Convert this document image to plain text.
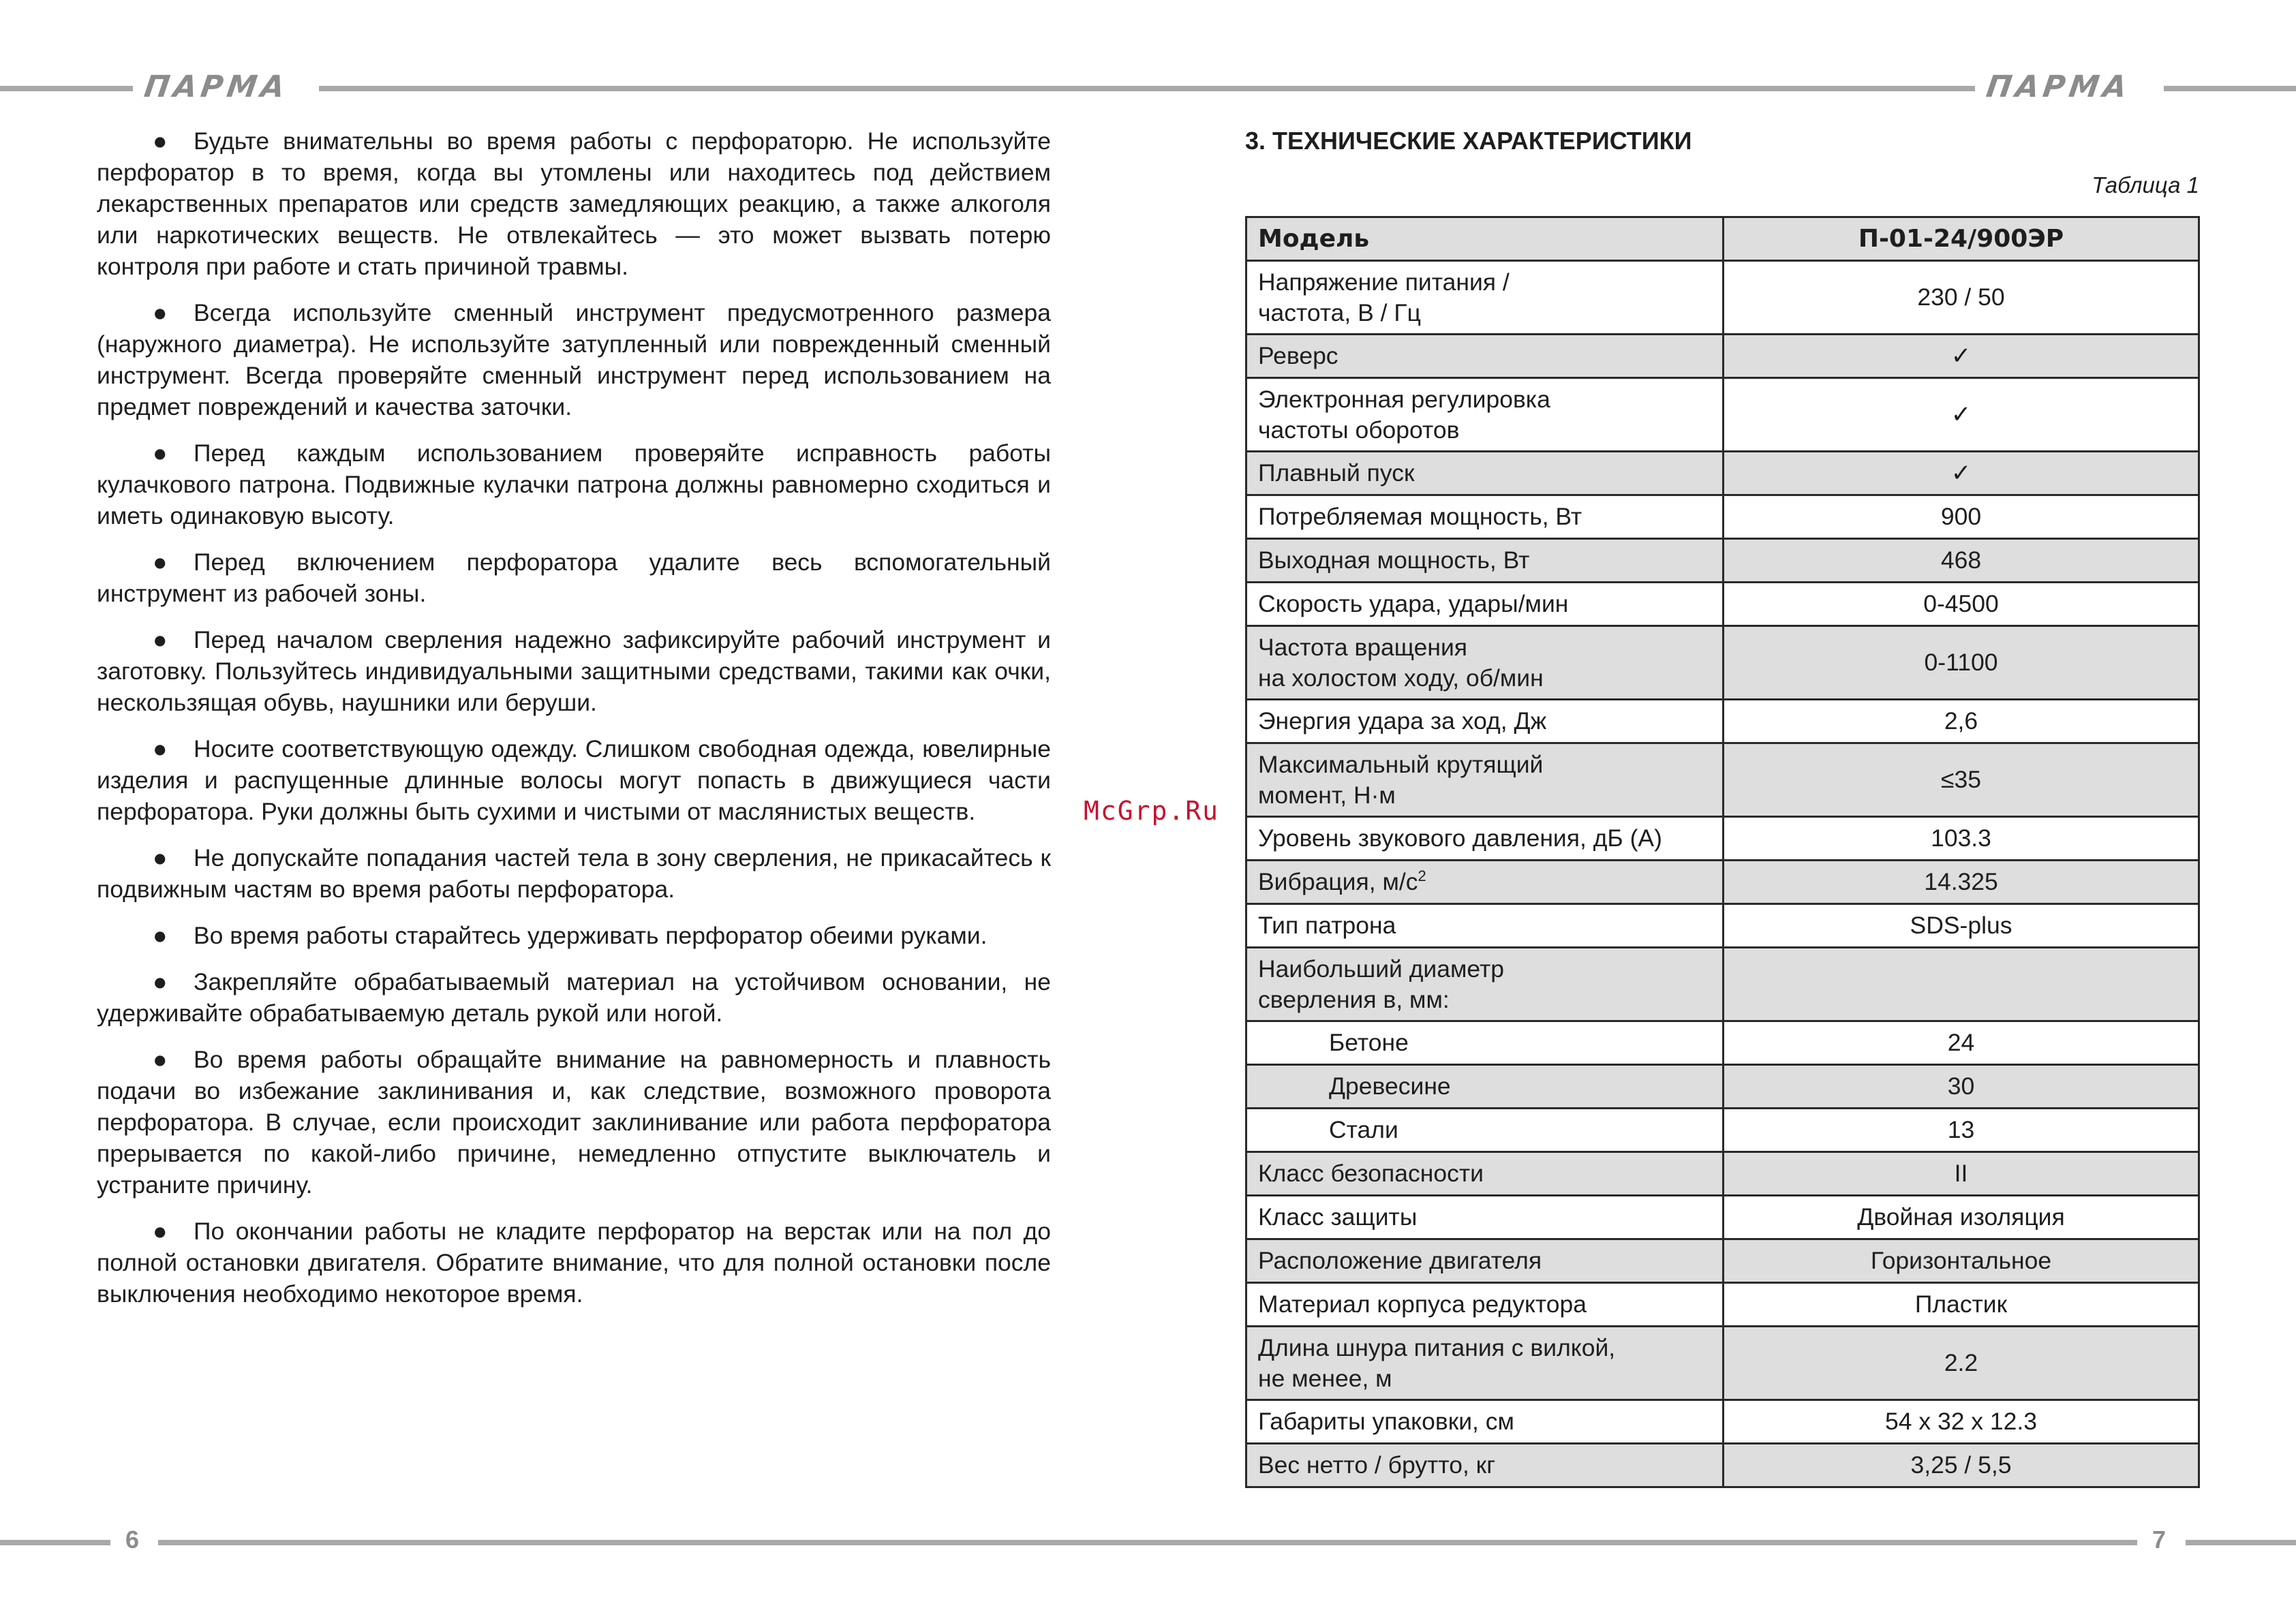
ПАРМА	ПАРМА

● Будьте внимательны во время работы с перфораторю. Не используйте перфоратор в то время, когда вы утомлены или находитесь под действием лекарственных препаратов или средств замедляющих реакцию, а также алкоголя или наркотических веществ. Не отвлекайтесь — это может вызвать потерю контроля при работе и стать причиной травмы.

● Всегда используйте сменный инструмент предусмотренного размера (наружного диаметра). Не используйте затупленный или поврежденный сменный инструмент. Всегда проверяйте сменный инструмент перед использованием на предмет повреждений и качества заточки.

● Перед каждым использованием проверяйте исправность работы кулачкового патрона. Подвижные кулачки патрона должны равномерно сходиться и иметь одинаковую высоту.

● Перед включением перфоратора удалите весь вспомогательный инструмент из рабочей зоны.

● Перед началом сверления надежно зафиксируйте рабочий инструмент и заготовку. Пользуйтесь индивидуальными защитными средствами, такими как очки, нескользящая обувь, наушники или беруши.

● Носите соответствующую одежду. Слишком свободная одежда, ювелирные изделия и распущенные длинные волосы могут попасть в движущиеся части перфоратора. Руки должны быть сухими и чистыми от маслянистых веществ.

● Не допускайте попадания частей тела в зону сверления, не прикасайтесь к подвижным частям во время работы перфоратора.

● Во время работы старайтесь удерживать перфоратор обеими руками.

● Закрепляйте обрабатываемый материал на устойчивом основании, не удерживайте обрабатываемую деталь рукой или ногой.

● Во время работы обращайте внимание на равномерность и плавность подачи во избежание заклинивания и, как следствие, возможного проворота перфоратора. В случае, если происходит заклинивание или работа перфоратора прерывается по какой-либо причине, немедленно отпустите выключатель и устраните причину.

● По окончании работы не кладите перфоратор на верстак или на пол до полной остановки двигателя. Обратите внимание, что для полной остановки после выключения необходимо некоторое время.

McGrp.Ru
3. ТЕХНИЧЕСКИЕ ХАРАКТЕРИСТИКИ
Таблица 1
Модель	П-01-24/900ЭР
Напряжение питания /
частота, В / Гц	230 / 50
Реверс	✓
Электронная регулировка
частоты оборотов	✓
Плавный пуск	✓
Потребляемая мощность, Вт	900
Выходная мощность, Вт	468
Скорость удара, удары/мин	0-4500
Частота вращения
на холостом ходу, об/мин	0-1100
Энергия удара за ход, Дж	2,6
Максимальный крутящий
момент, Н·м	≤35
Уровень звукового давления, дБ (А)	103.3
Вибрация, $м/с^2$	14.325
Тип патрона	SDS-plus
Наибольший диаметр
сверления в, мм:	
Бетоне	24
Древесине	30
Стали	13
Класс безопасности	II
Класс защиты	Двойная изоляция
Расположение двигателя	Горизонтальное
Материал корпуса редуктора	Пластик
Длина шнура питания с вилкой,
не менее, м	2.2
Габариты упаковки, см	54 х 32 х 12.3
Вес нетто / брутто, кг	3,25 / 5,5
6	7
